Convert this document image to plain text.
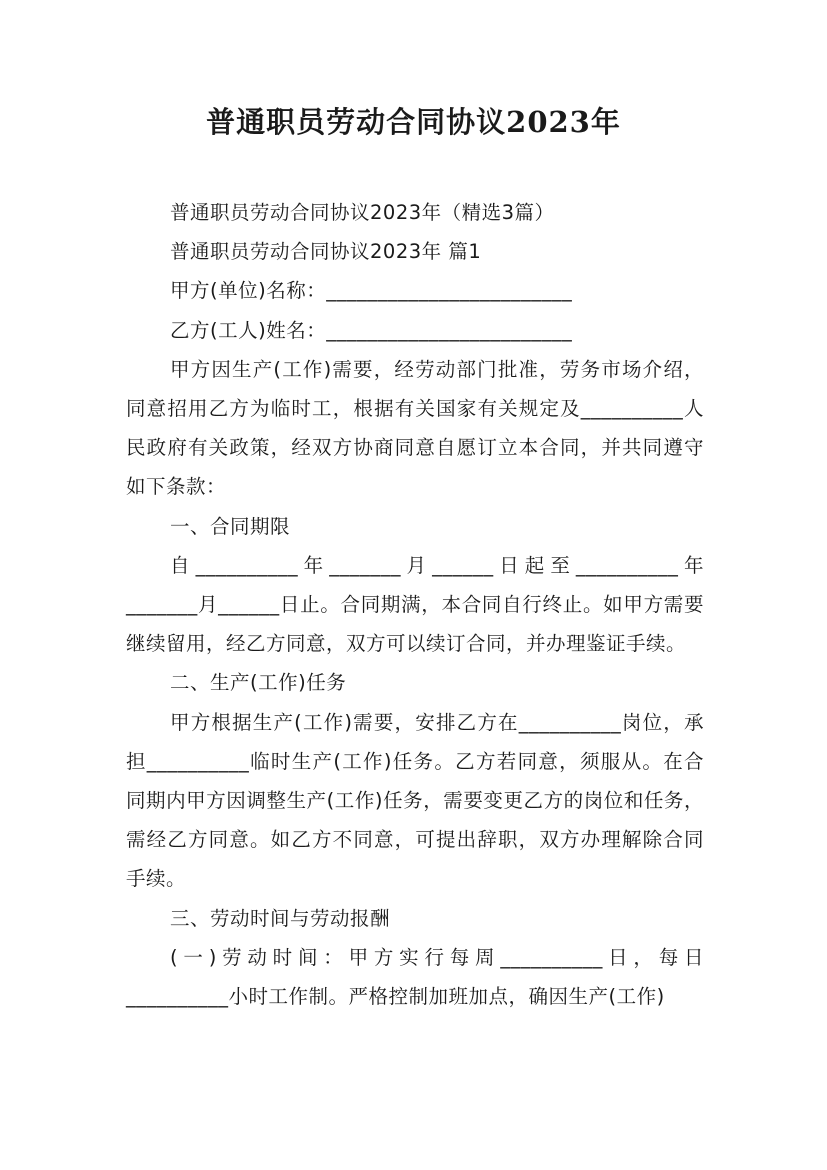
普通职员劳动合同协议2023年

普通职员劳动合同协议2023年（精选3篇）

普通职员劳动合同协议2023年 篇1

甲方(单位)名称：________________________

乙方(工人)姓名：________________________

甲方因生产(工作)需要，经劳动部门批准，劳务市场介绍，同意招用乙方为临时工，根据有关国家有关规定及__________人民政府有关政策，经双方协商同意自愿订立本合同，并共同遵守如下条款：

一、合同期限

自__________年_______月______日起至__________年_______月______日止。合同期满，本合同自行终止。如甲方需要继续留用，经乙方同意，双方可以续订合同，并办理鉴证手续。

二、生产(工作)任务

甲方根据生产(工作)需要，安排乙方在__________岗位，承担__________临时生产(工作)任务。乙方若同意，须服从。在合同期内甲方因调整生产(工作)任务，需要变更乙方的岗位和任务，需经乙方同意。如乙方不同意，可提出辞职，双方办理解除合同手续。

三、劳动时间与劳动报酬

(一)劳动时间：甲方实行每周__________日，每日__________小时工作制。严格控制加班加点，确因生产(工作)
